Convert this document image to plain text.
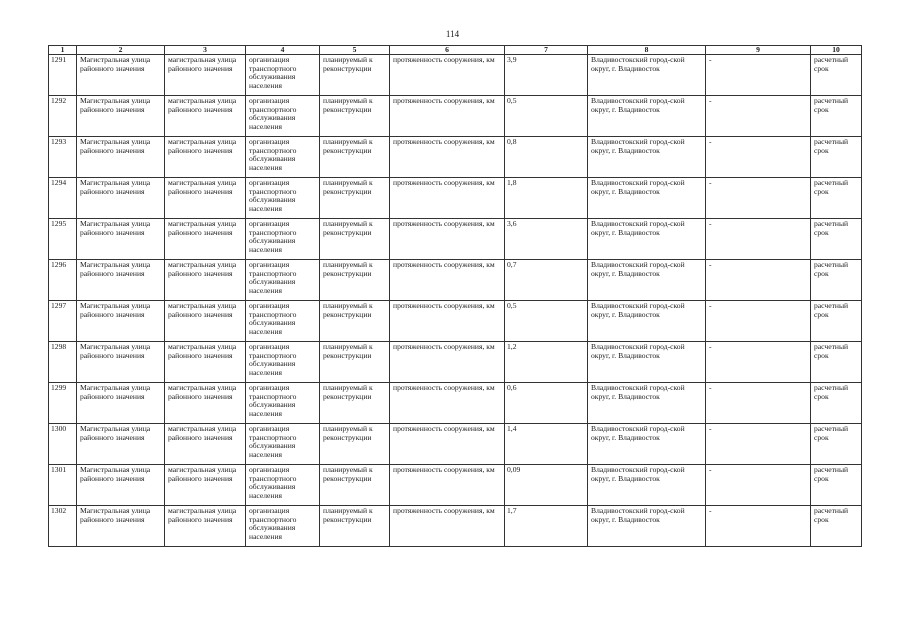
114
1	2	3	4	5	6	7	8	9	10
1291	Магистральная улица районного значения	магистральная улица районного значения	организация транспортного обслуживания населения	планируемый к реконструкции	протяженность сооружения, км	3,9	Владивостокский город-ской округ, г. Владивосток	-	расчетный срок
1292	Магистральная улица районного значения	магистральная улица районного значения	организация транспортного обслуживания населения	планируемый к реконструкции	протяженность сооружения, км	0,5	Владивостокский город-ской округ, г. Владивосток	-	расчетный срок
1293	Магистральная улица районного значения	магистральная улица районного значения	организация транспортного обслуживания населения	планируемый к реконструкции	протяженность сооружения, км	0,8	Владивостокский город-ской округ, г. Владивосток	-	расчетный срок
1294	Магистральная улица районного значения	магистральная улица районного значения	организация транспортного обслуживания населения	планируемый к реконструкции	протяженность сооружения, км	1,8	Владивостокский город-ской округ, г. Владивосток	-	расчетный срок
1295	Магистральная улица районного значения	магистральная улица районного значения	организация транспортного обслуживания населения	планируемый к реконструкции	протяженность сооружения, км	3,6	Владивостокский город-ской округ, г. Владивосток	-	расчетный срок
1296	Магистральная улица районного значения	магистральная улица районного значения	организация транспортного обслуживания населения	планируемый к реконструкции	протяженность сооружения, км	0,7	Владивостокский город-ской округ, г. Владивосток	-	расчетный срок
1297	Магистральная улица районного значения	магистральная улица районного значения	организация транспортного обслуживания населения	планируемый к реконструкции	протяженность сооружения, км	0,5	Владивостокский город-ской округ, г. Владивосток	-	расчетный срок
1298	Магистральная улица районного значения	магистральная улица районного значения	организация транспортного обслуживания населения	планируемый к реконструкции	протяженность сооружения, км	1,2	Владивостокский город-ской округ, г. Владивосток	-	расчетный срок
1299	Магистральная улица районного значения	магистральная улица районного значения	организация транспортного обслуживания населения	планируемый к реконструкции	протяженность сооружения, км	0,6	Владивостокский город-ской округ, г. Владивосток	-	расчетный срок
1300	Магистральная улица районного значения	магистральная улица районного значения	организация транспортного обслуживания населения	планируемый к реконструкции	протяженность сооружения, км	1,4	Владивостокский город-ской округ, г. Владивосток	-	расчетный срок
1301	Магистральная улица районного значения	магистральная улица районного значения	организация транспортного обслуживания населения	планируемый к реконструкции	протяженность сооружения, км	0,09	Владивостокский город-ской округ, г. Владивосток	-	расчетный срок
1302	Магистральная улица районного значения	магистральная улица районного значения	организация транспортного обслуживания населения	планируемый к реконструкции	протяженность сооружения, км	1,7	Владивостокский город-ской округ, г. Владивосток	-	расчетный срок
